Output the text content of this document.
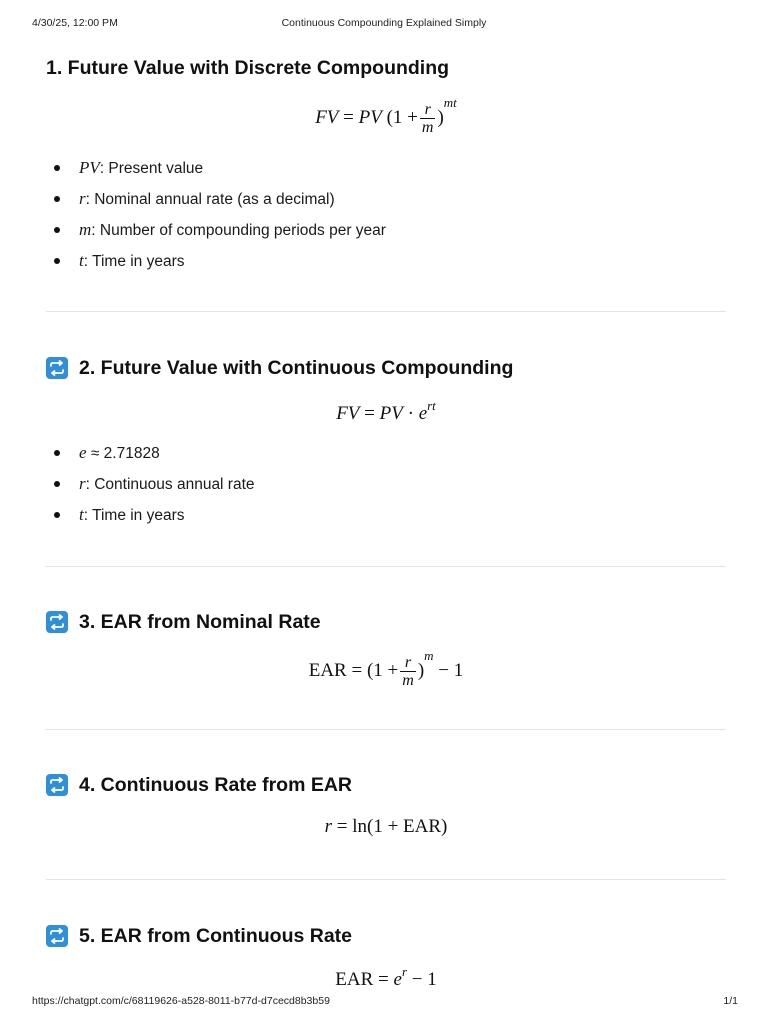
4/30/25, 12:00 PM	Continuous Compounding Explained Simply
1. Future Value with Discrete Compounding
FV = PV $(1 + \frac{r}{m} )^{mt}$
PV: Present value
r: Nominal annual rate (as a decimal)
m: Number of compounding periods per year
t: Time in years
2. Future Value with Continuous Compounding
FV = PV · $e^{rt}$
e ≈ 2.71828
r: Continuous annual rate
t: Time in years
3. EAR from Nominal Rate
EAR = $(1 + \frac{r}{m} )^m - 1$
4. Continuous Rate from EAR
r = ln(1 + EAR)
5. EAR from Continuous Rate
EAR = $e^r - 1$
https://chatgpt.com/c/68119626-a528-8011-b77d-d7cecd8b3b59	1/1
